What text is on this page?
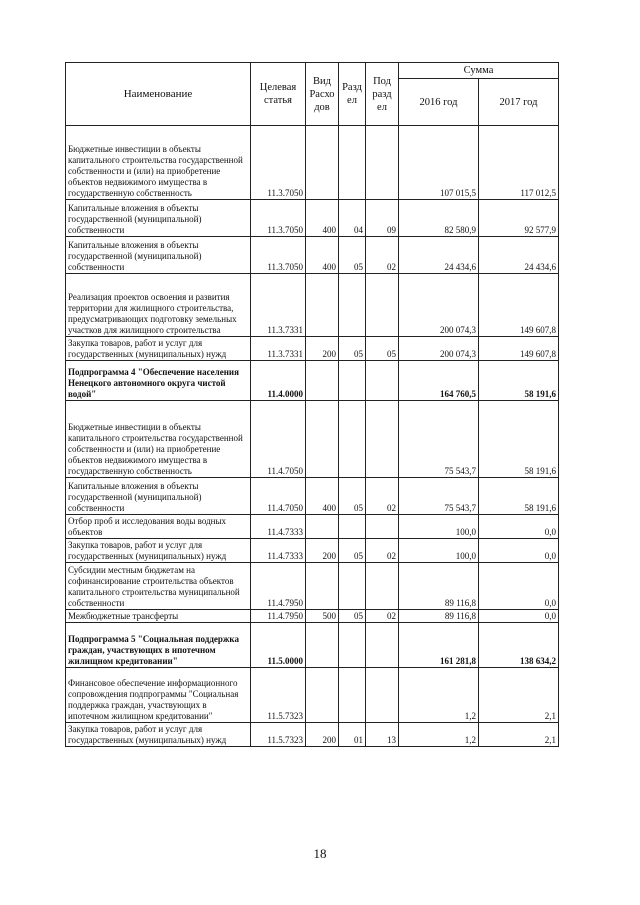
Наименование	Целевая статья	Вид Расхо дов	Разд ел	Под разд ел	Сумма	
					2016 год	2017 год
Бюджетные инвестиции в объекты капитального строительства государственной собственности и (или) на приобретение объектов недвижимого имущества в государственную собственность	11.3.7050				107 015,5	117 012,5
Капитальные вложения в объекты государственной (муниципальной) собственности	11.3.7050	400	04	09	82 580,9	92 577,9
Капитальные вложения в объекты государственной (муниципальной) собственности	11.3.7050	400	05	02	24 434,6	24 434,6
Реализация проектов освоения и развития территории для жилищного строительства, предусматривающих подготовку земельных участков для жилищного строительства	11.3.7331				200 074,3	149 607,8
Закупка товаров, работ и услуг для государственных (муниципальных) нужд	11.3.7331	200	05	05	200 074,3	149 607,8
Подпрограмма 4 "Обеспечение населения Ненецкого автономного округа чистой водой"	11.4.0000				164 760,5	58 191,6
Бюджетные инвестиции в объекты капитального строительства государственной собственности и (или) на приобретение объектов недвижимого имущества в государственную собственность	11.4.7050				75 543,7	58 191,6
Капитальные вложения в объекты государственной (муниципальной) собственности	11.4.7050	400	05	02	75 543,7	58 191,6
Отбор проб и исследования воды водных объектов	11.4.7333				100,0	0,0
Закупка товаров, работ и услуг для государственных (муниципальных) нужд	11.4.7333	200	05	02	100,0	0,0
Субсидии местным бюджетам на софинансирование строительства объектов капитального строительства муниципальной собственности	11.4.7950				89 116,8	0,0
Межбюджетные трансферты	11.4.7950	500	05	02	89 116,8	0,0
Подпрограмма 5 "Социальная поддержка граждан, участвующих в ипотечном жилищном кредитовании"	11.5.0000				161 281,8	138 634,2
Финансовое обеспечение информационного сопровождения подпрограммы "Социальная поддержка граждан, участвующих в ипотечном жилищном кредитовании"	11.5.7323				1,2	2,1
Закупка товаров, работ и услуг для государственных (муниципальных) нужд	11.5.7323	200	01	13	1,2	2,1
18
